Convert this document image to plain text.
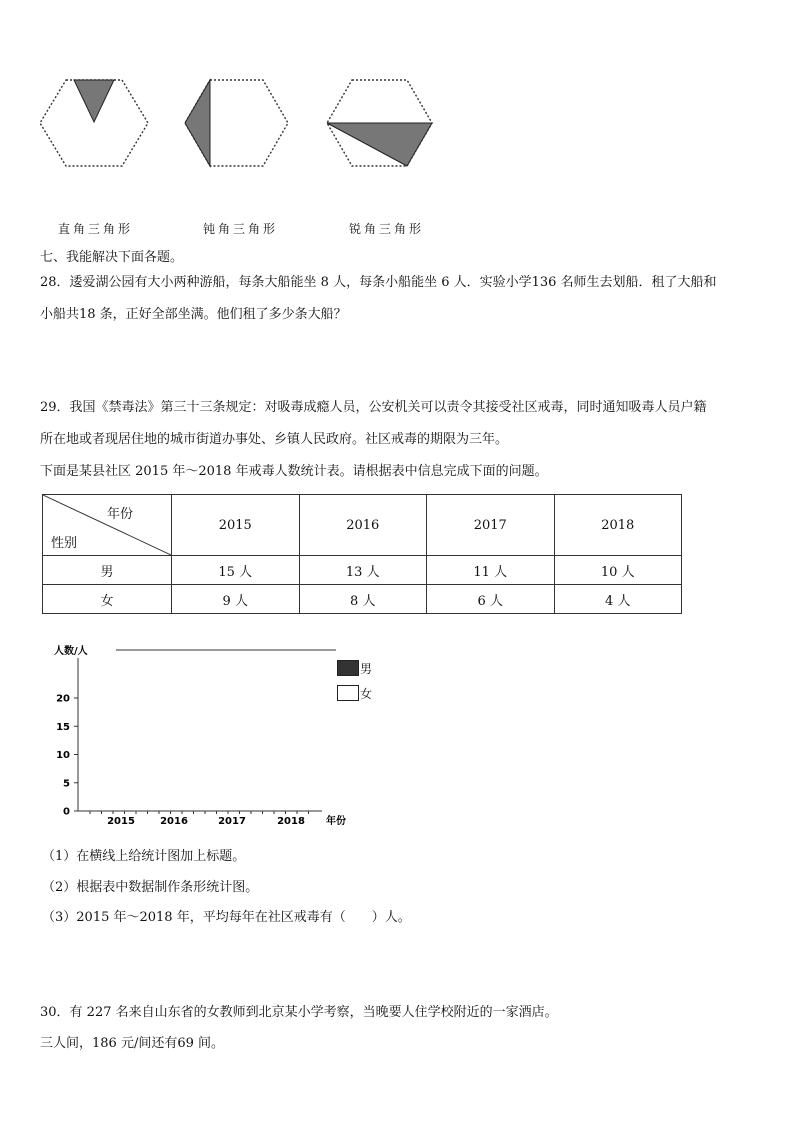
直角三角形	钝角三角形	锐角三角形
七、我能解决下面各题。
28．逶爱湖公园有大小两种游船，每条大船能坐 8 人，每条小船能坐 6 人．实验小学136 名师生去划船．租了大船和
小船共18 条，正好全部坐满。他们租了多少条大船？
29．我国《禁毒法》第三十三条规定：对吸毒成瘾人员，公安机关可以责令其接受社区戒毒，同时通知吸毒人员户籍
所在地或者现居住地的城市街道办事处、乡镇人民政府。社区戒毒的期限为三年。
下面是某县社区 2015 年～2018 年戒毒人数统计表。请根据表中信息完成下面的问题。
年份
性别	2015	2016	2017	2018
男	15 人	13 人	11 人	10 人
女	9 人	8 人	6 人	4 人
人数/人
年份
0
5
10
15
20
2015	2016	2017	2018
男
女
（1）在横线上给统计图加上标题。
（2）根据表中数据制作条形统计图。
（3）2015 年～2018 年，平均每年在社区戒毒有（　　）人。
30．有 227 名来自山东省的女教师到北京某小学考察，当晚要人住学校附近的一家酒店。
三人间，186 元/间还有69 间。
